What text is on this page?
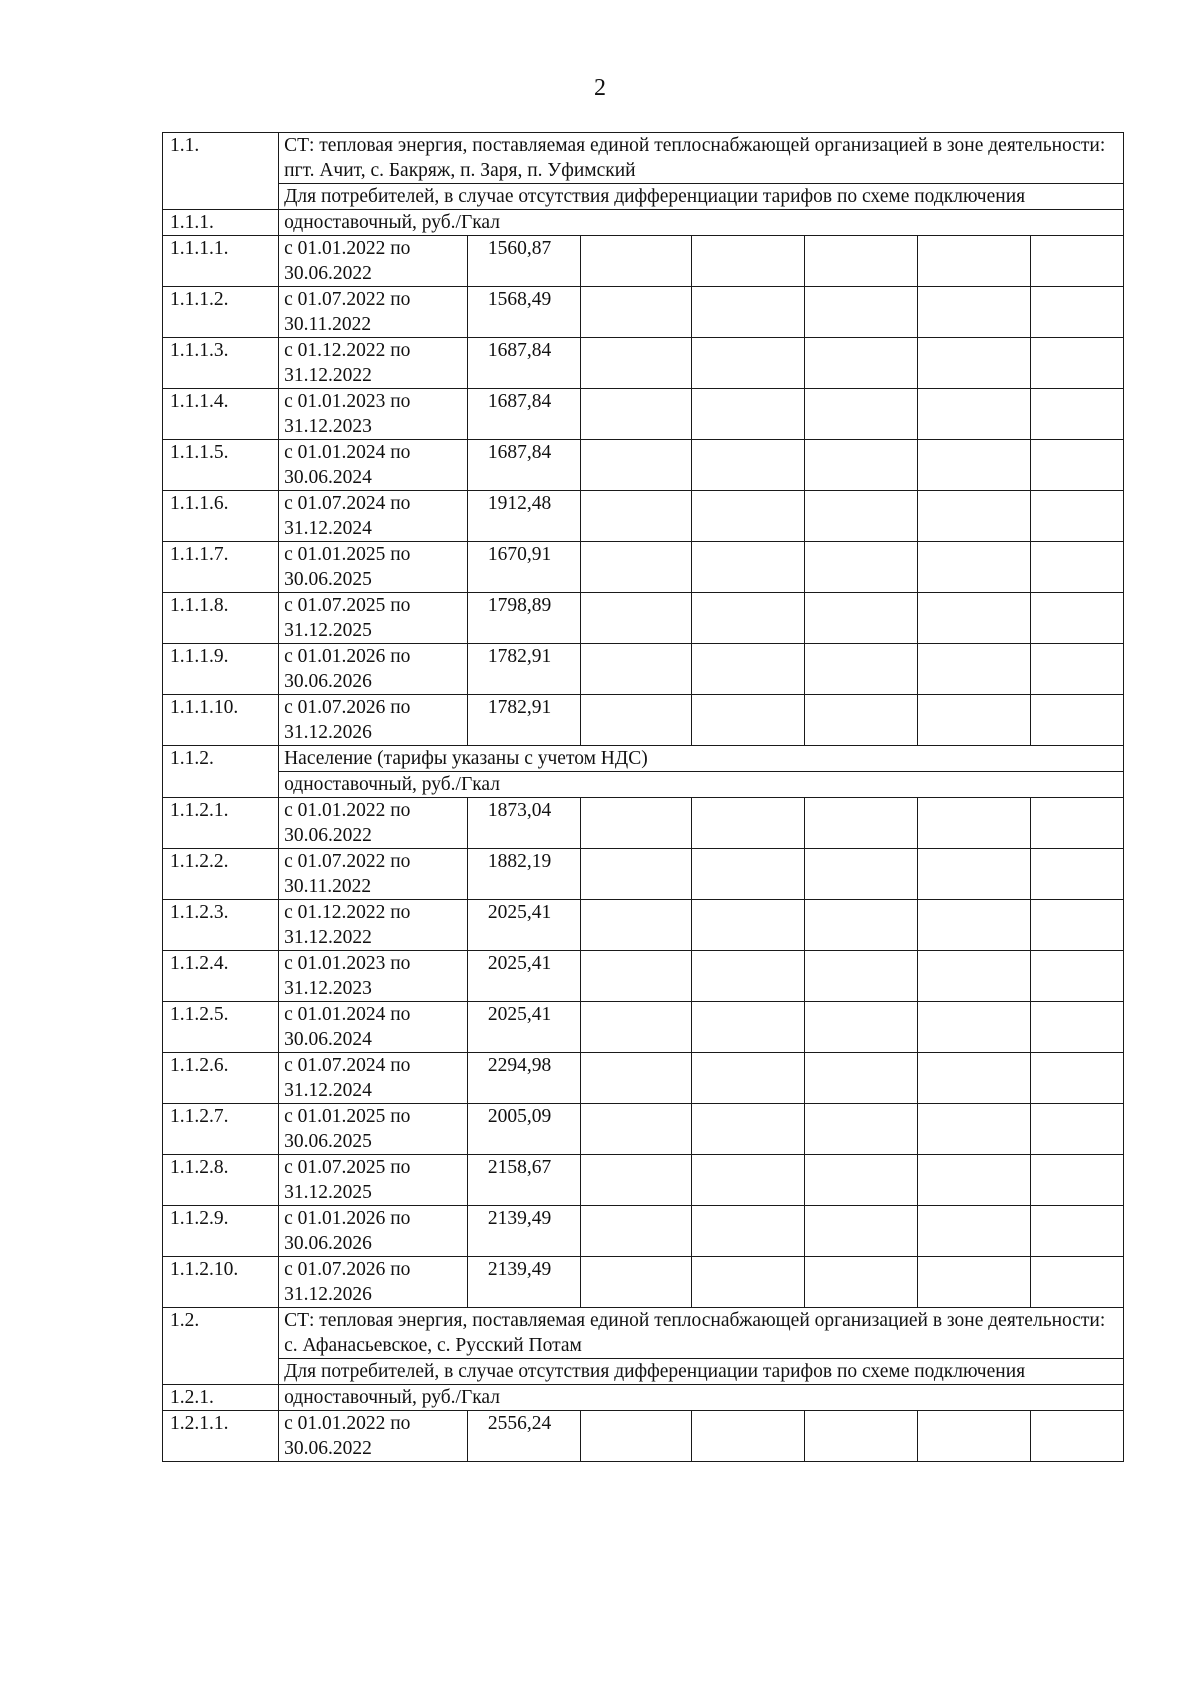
2
1.1.	СТ: тепловая энергия, поставляемая единой теплоснабжающей организацией в зоне деятельности: пгт. Ачит, с. Бакряж, п. Заря, п. Уфимский						
	Для потребителей, в случае отсутствия дифференциации тарифов по схеме подключения						
1.1.1.	одноставочный, руб./Гкал						
1.1.1.1.	с 01.01.2022 по 30.06.2022	1560,87					
1.1.1.2.	с 01.07.2022 по 30.11.2022	1568,49					
1.1.1.3.	с 01.12.2022 по 31.12.2022	1687,84					
1.1.1.4.	с 01.01.2023 по 31.12.2023	1687,84					
1.1.1.5.	с 01.01.2024 по 30.06.2024	1687,84					
1.1.1.6.	с 01.07.2024 по 31.12.2024	1912,48					
1.1.1.7.	с 01.01.2025 по 30.06.2025	1670,91					
1.1.1.8.	с 01.07.2025 по 31.12.2025	1798,89					
1.1.1.9.	с 01.01.2026 по 30.06.2026	1782,91					
1.1.1.10.	с 01.07.2026 по 31.12.2026	1782,91					
1.1.2.	Население (тарифы указаны с учетом НДС)						
	одноставочный, руб./Гкал						
1.1.2.1.	с 01.01.2022 по 30.06.2022	1873,04					
1.1.2.2.	с 01.07.2022 по 30.11.2022	1882,19					
1.1.2.3.	с 01.12.2022 по 31.12.2022	2025,41					
1.1.2.4.	с 01.01.2023 по 31.12.2023	2025,41					
1.1.2.5.	с 01.01.2024 по 30.06.2024	2025,41					
1.1.2.6.	с 01.07.2024 по 31.12.2024	2294,98					
1.1.2.7.	с 01.01.2025 по 30.06.2025	2005,09					
1.1.2.8.	с 01.07.2025 по 31.12.2025	2158,67					
1.1.2.9.	с 01.01.2026 по 30.06.2026	2139,49					
1.1.2.10.	с 01.07.2026 по 31.12.2026	2139,49					
1.2.	СТ: тепловая энергия, поставляемая единой теплоснабжающей организацией в зоне деятельности: с. Афанасьевское, с. Русский Потам						
	Для потребителей, в случае отсутствия дифференциации тарифов по схеме подключения						
1.2.1.	одноставочный, руб./Гкал						
1.2.1.1.	с 01.01.2022 по 30.06.2022	2556,24					
